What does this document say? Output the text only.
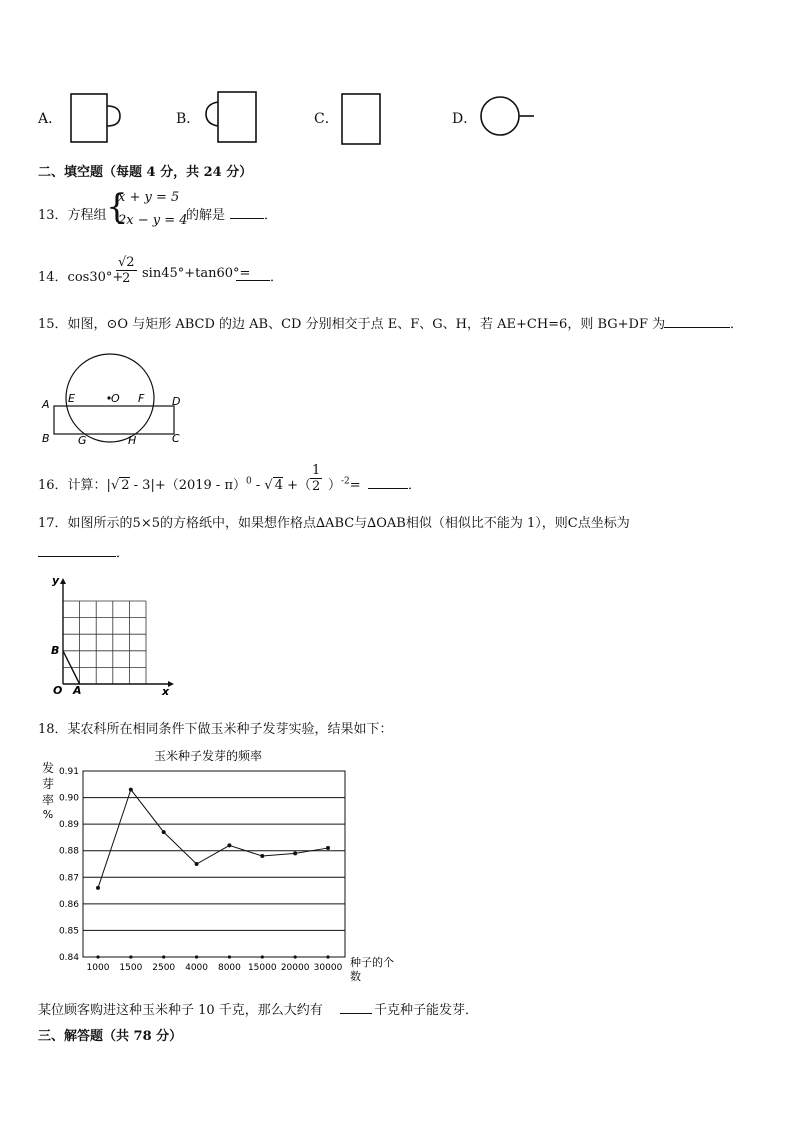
A．	B．	C．	D．
二、填空题（每题 4 分，共 24 分）
13．方程组 {
x + y = 5
2x − y = 4
的解是	．
14．cos30°+
$\frac{√2}{2} \sin 45^\circ+\tan 60^\circ=$ ．
15．如图，⊙O 与矩形 ABCD 的边 AB、CD 分别相交于点 E、F、G、H，若 AE+CH=6，则 BG+DF 为	．
A E	O F	D
B	G	H	C
16．计算：|√ 2 - 3|+（2019 - π）$^0$ - √ 4 +（
$\frac{1}{2} )^{-2}=$	．
17．如图所示的5×5的方格纸中，如果想作格点∆ABC与∆OAB相似（相似比不能为 1），则C点坐标为
．
y
x
O A
B
18．某农科所在相同条件下做玉米种子发芽实验，结果如下：
玉米种子发芽的频率
发
芽
率
%
0.84
0.85
0.86
0.87
0.88
0.89
0.90
0.91
1000 1500 2500 4000 8000 15000 20000 30000 种子的个
数
某位顾客购进这种玉米种子 10 千克，那么大约有	千克种子能发芽．
三、解答题（共 78 分）
